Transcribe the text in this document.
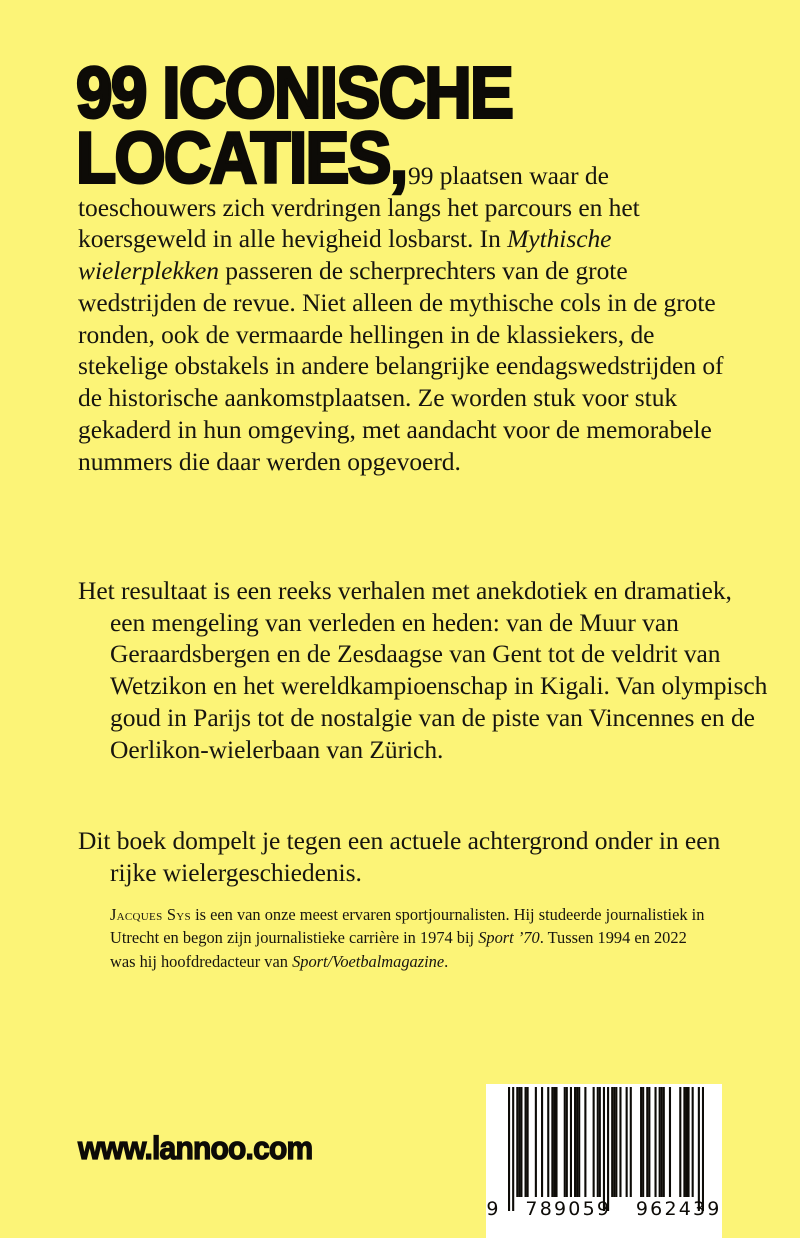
99 ICONISCHE
LOCATIES, 99 plaatsen waar de toeschouwers zich verdringen langs het parcours en het koersgeweld in alle hevigheid losbarst. In Mythische wielerplekken passeren de scherprechters van de grote wedstrijden de revue. Niet alleen de mythische cols in de grote ronden, ook de vermaarde hellingen in de klassiekers, de stekelige obstakels in andere belangrijke eendagswedstrijden of de historische aankomstplaatsen. Ze worden stuk voor stuk gekaderd in hun omgeving, met aandacht voor de memorabele nummers die daar werden opgevoerd.

Het resultaat is een reeks verhalen met anekdotiek en dramatiek, een mengeling van verleden en heden: van de Muur van Geraardsbergen en de Zesdaagse van Gent tot de veldrit van Wetzikon en het wereldkampioenschap in Kigali. Van olympisch goud in Parijs tot de nostalgie van de piste van Vincennes en de Oerlikon-wielerbaan van Zürich.

Dit boek dompelt je tegen een actuele achtergrond onder in een rijke wielergeschiedenis.

Jacques Sys is een van onze meest ervaren sportjournalisten. Hij studeerde journalistiek in Utrecht en begon zijn journalistieke carrière in 1974 bij Sport ’70. Tussen 1994 en 2022 was hij hoofdredacteur van Sport/Voetbalmagazine.

www.lannoo.com
9   789059   962439
